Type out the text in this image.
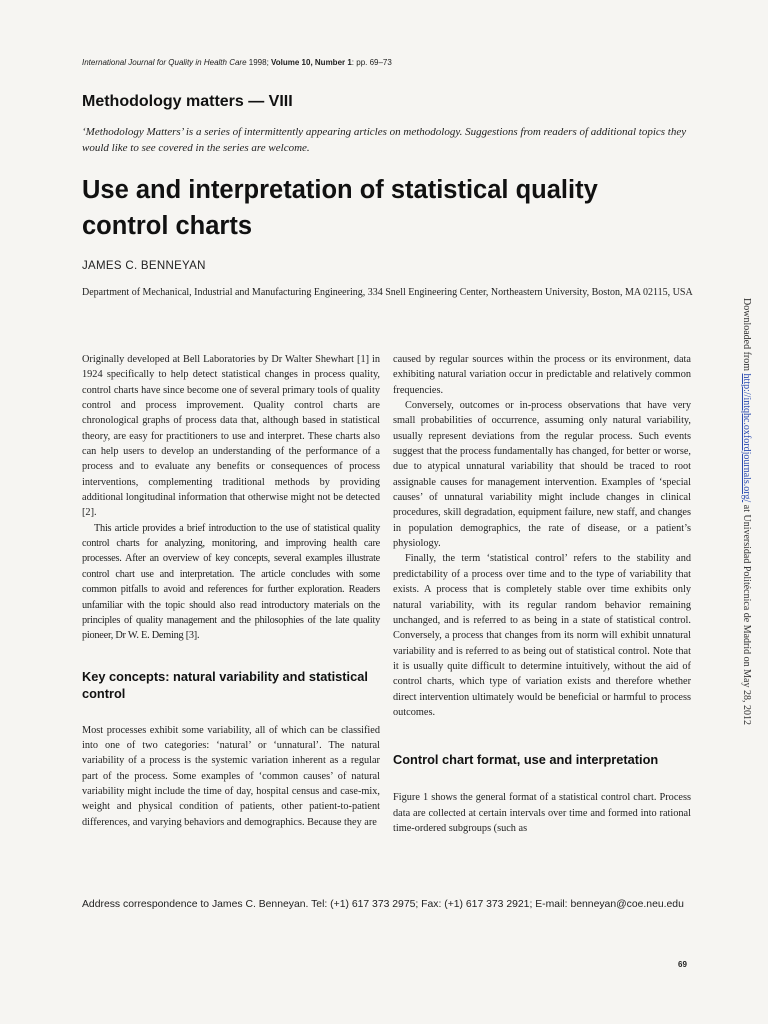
International Journal for Quality in Health Care 1998; Volume 10, Number 1: pp. 69–73
Methodology matters — VIII
‘Methodology Matters’ is a series of intermittently appearing articles on methodology. Suggestions from readers of additional topics they would like to see covered in the series are welcome.
Use and interpretation of statistical quality control charts
JAMES C. BENNEYAN
Department of Mechanical, Industrial and Manufacturing Engineering, 334 Snell Engineering Center, Northeastern University, Boston, MA 02115, USA

Originally developed at Bell Laboratories by Dr Walter Shewhart [1] in 1924 specifically to help detect statistical changes in process quality, control charts have since become one of several primary tools of quality control and process improvement. Quality control charts are chronological graphs of process data that, although based in statistical theory, are easy for practitioners to use and interpret. These charts also can help users to develop an understanding of the performance of a process and to evaluate any benefits or consequences of process interventions, complementing traditional methods by providing additional longitudinal information that otherwise might not be detected [2].

This article provides a brief introduction to the use of statistical quality control charts for analyzing, monitoring, and improving health care processes. After an overview of key concepts, several examples illustrate control chart use and interpretation. The article concludes with some common pitfalls to avoid and references for further exploration. Readers unfamiliar with the topic should also read introductory materials on the principles of quality management and the philosophies of the late quality pioneer, Dr W. E. Deming [3].

Key concepts: natural variability and statistical control

Most processes exhibit some variability, all of which can be classified into one of two categories: ‘natural’ or ‘unnatural’. The natural variability of a process is the systemic variation inherent as a regular part of the process. Some examples of ‘common causes’ of natural variability might include the time of day, hospital census and case-mix, weight and physical condition of patients, other patient-to-patient differences, and varying behaviors and demographics. Because they are

caused by regular sources within the process or its environment, data exhibiting natural variation occur in predictable and relatively common frequencies.

Conversely, outcomes or in-process observations that have very small probabilities of occurrence, assuming only natural variability, usually represent deviations from the regular process. Such events suggest that the process fundamentally has changed, for better or worse, due to atypical unnatural variability that should be traced to root assignable causes for management intervention. Examples of ‘special causes’ of unnatural variability might include changes in clinical procedures, skill degradation, equipment failure, new staff, and changes in population demographics, the rate of disease, or a patient’s physiology.

Finally, the term ‘statistical control’ refers to the stability and predictability of a process over time and to the type of variability that exists. A process that is completely stable over time exhibits only natural variability, with its regular random behavior remaining unchanged, and is referred to as being in a state of statistical control. Conversely, a process that changes from its norm will exhibit unnatural variability and is referred to as being out of statistical control. Note that it is usually quite difficult to determine intuitively, without the aid of control charts, which type of variation exists and therefore whether direct intervention ultimately would be beneficial or harmful to process outcomes.

Control chart format, use and interpretation

Figure 1 shows the general format of a statistical control chart. Process data are collected at certain intervals over time and formed into rational time-ordered subgroups (such as

Address correspondence to James C. Benneyan. Tel: (+1) 617 373 2975; Fax: (+1) 617 373 2921; E-mail: benneyan@coe.neu.edu
69
Downloaded from http://intqhc.oxfordjournals.org/ at Universidad Politécnica de Madrid on May 28, 2012
